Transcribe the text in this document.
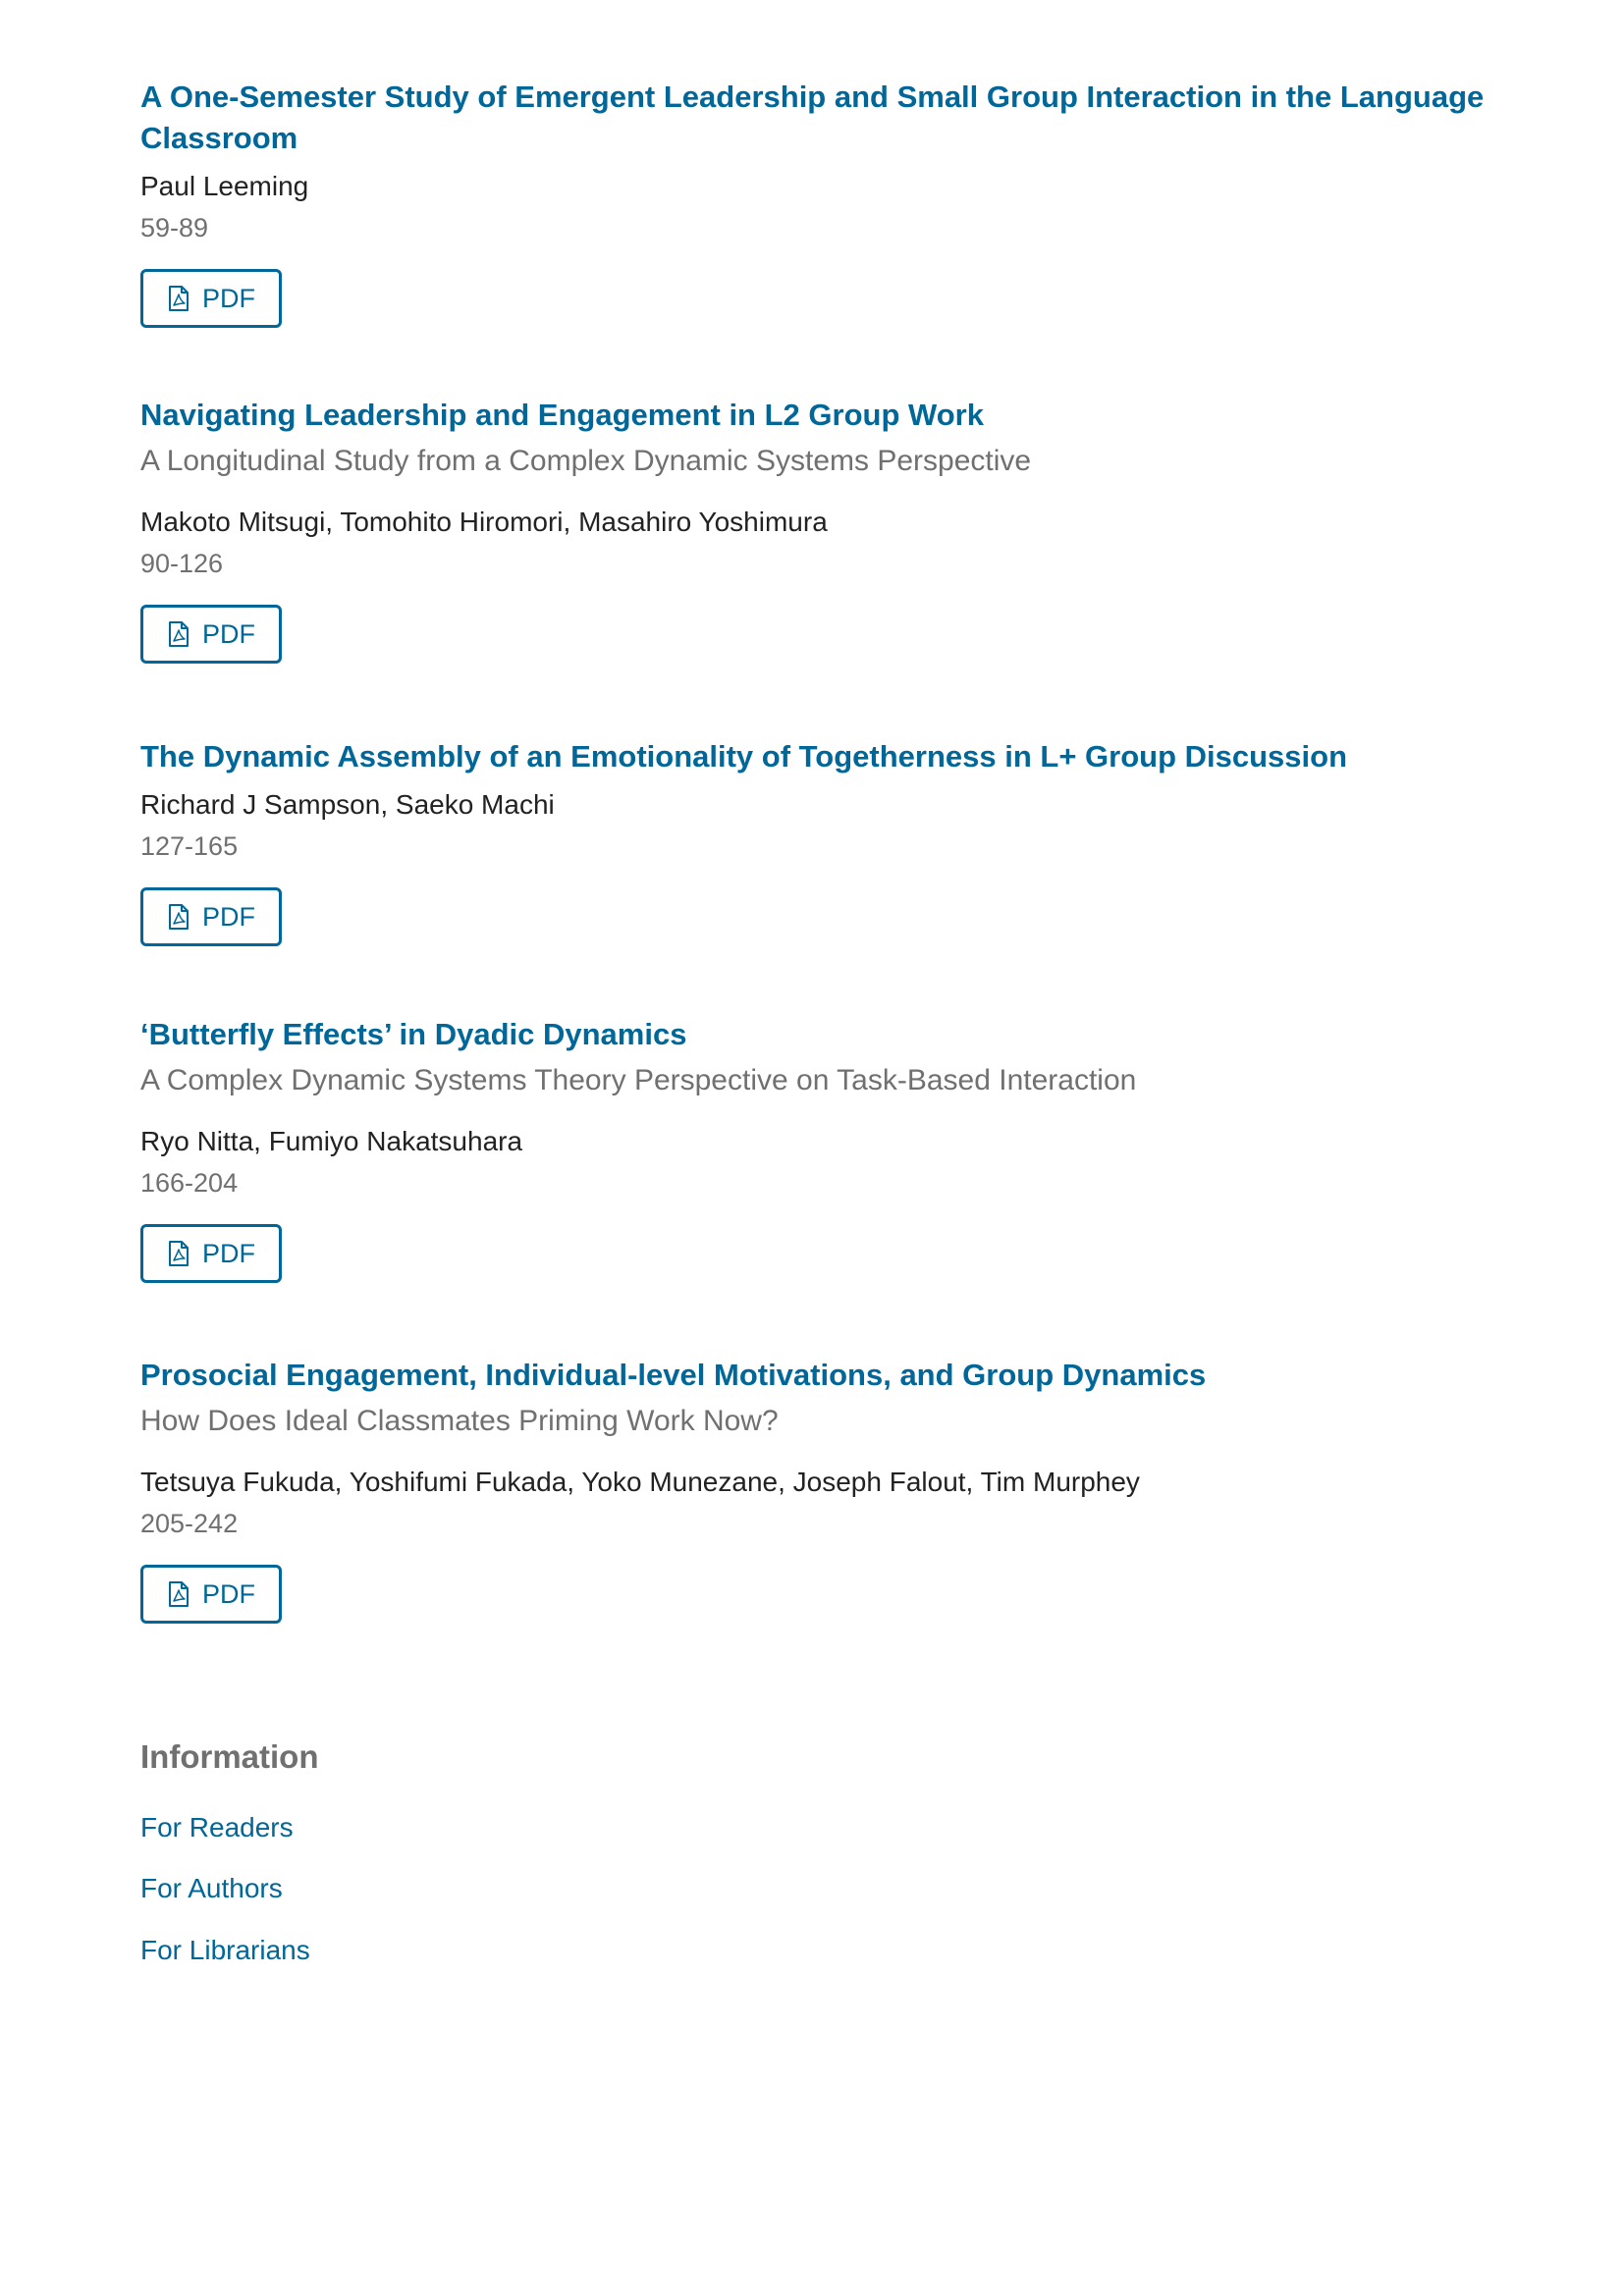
A One-Semester Study of Emergent Leadership and Small Group Interaction in the Language Classroom
Paul Leeming
59-89
PDF
Navigating Leadership and Engagement in L2 Group Work
A Longitudinal Study from a Complex Dynamic Systems Perspective
Makoto Mitsugi, Tomohito Hiromori, Masahiro Yoshimura
90-126
PDF
The Dynamic Assembly of an Emotionality of Togetherness in L+ Group Discussion
Richard J Sampson, Saeko Machi
127-165
PDF
‘Butterfly Effects’ in Dyadic Dynamics
A Complex Dynamic Systems Theory Perspective on Task-Based Interaction
Ryo Nitta, Fumiyo Nakatsuhara
166-204
PDF
Prosocial Engagement, Individual-level Motivations, and Group Dynamics
How Does Ideal Classmates Priming Work Now?
Tetsuya Fukuda, Yoshifumi Fukada, Yoko Munezane, Joseph Falout, Tim Murphey
205-242
PDF
Information
For Readers
For Authors
For Librarians
